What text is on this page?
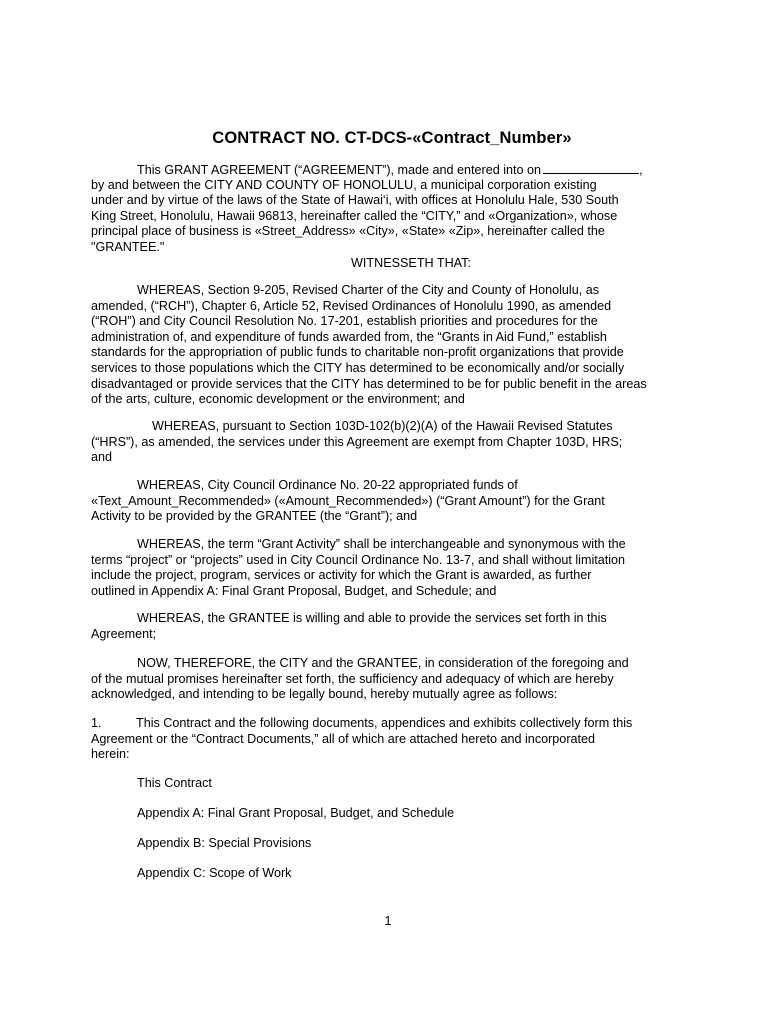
CONTRACT NO. CT-DCS-«Contract_Number»
This GRANT AGREEMENT (“AGREEMENT”), made and entered into on	,
by and between the CITY AND COUNTY OF HONOLULU, a municipal corporation existing
under and by virtue of the laws of the State of Hawai‘i, with offices at Honolulu Hale, 530 South
King Street, Honolulu, Hawaii 96813, hereinafter called the “CITY,” and «Organization», whose
principal place of business is «Street_Address» «City», «State» «Zip», hereinafter called the
"GRANTEE."
WITNESSETH THAT:
WHEREAS, Section 9-205, Revised Charter of the City and County of Honolulu, as
amended, (“RCH”), Chapter 6, Article 52, Revised Ordinances of Honolulu 1990, as amended
(“ROH”) and City Council Resolution No. 17-201, establish priorities and procedures for the
administration of, and expenditure of funds awarded from, the “Grants in Aid Fund,” establish
standards for the appropriation of public funds to charitable non-profit organizations that provide
services to those populations which the CITY has determined to be economically and/or socially
disadvantaged or provide services that the CITY has determined to be for public benefit in the areas
of the arts, culture, economic development or the environment; and
WHEREAS, pursuant to Section 103D-102(b)(2)(A) of the Hawaii Revised Statutes
(“HRS”), as amended, the services under this Agreement are exempt from Chapter 103D, HRS;
and
WHEREAS, City Council Ordinance No. 20-22 appropriated funds of
«Text_Amount_Recommended» («Amount_Recommended») (“Grant Amount”) for the Grant
Activity to be provided by the GRANTEE (the “Grant”); and
WHEREAS, the term “Grant Activity” shall be interchangeable and synonymous with the
terms “project” or “projects” used in City Council Ordinance No. 13-7, and shall without limitation
include the project, program, services or activity for which the Grant is awarded, as further
outlined in Appendix A: Final Grant Proposal, Budget, and Schedule; and
WHEREAS, the GRANTEE is willing and able to provide the services set forth in this
Agreement;
NOW, THEREFORE, the CITY and the GRANTEE, in consideration of the foregoing and
of the mutual promises hereinafter set forth, the sufficiency and adequacy of which are hereby
acknowledged, and intending to be legally bound, hereby mutually agree as follows:
1.	This Contract and the following documents, appendices and exhibits collectively form this
Agreement or the “Contract Documents,” all of which are attached hereto and incorporated
herein:
This Contract
Appendix A: Final Grant Proposal, Budget, and Schedule
Appendix B: Special Provisions
Appendix C: Scope of Work
1
